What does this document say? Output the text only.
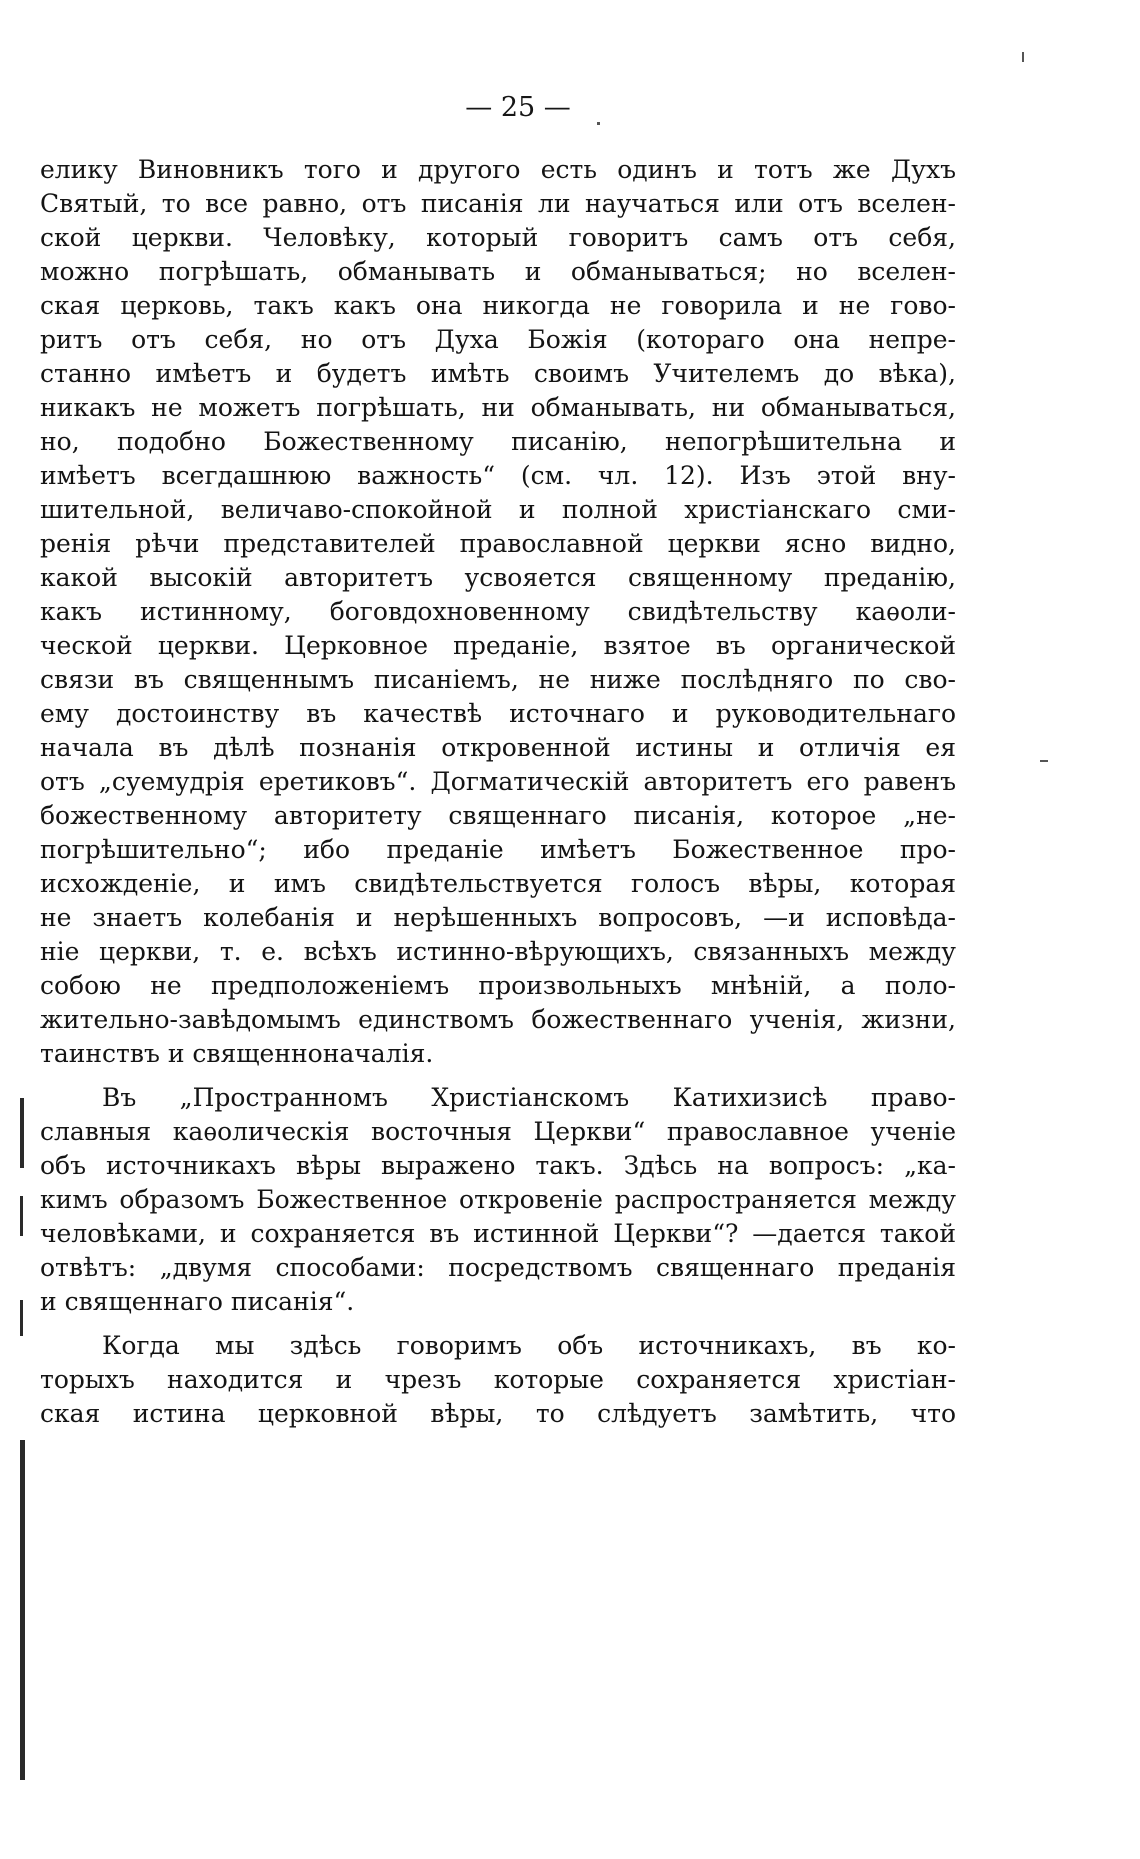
— 25 —
елику Виновникъ того и другого есть одинъ и тотъ же Духъ
Святый, то все равно, отъ писанія ли научаться или отъ вселен-
ской церкви. Человѣку, который говоритъ самъ отъ себя,
можно погрѣшать, обманывать и обманываться; но вселен-
ская церковь, такъ какъ она никогда не говорила и не гово-
ритъ отъ себя, но отъ Духа Божія (котораго она непре-
станно имѣетъ и будетъ имѣть своимъ Учителемъ до вѣка),
никакъ не можетъ погрѣшать, ни обманывать, ни обманываться,
но, подобно Божественному писанію, непогрѣшительна и
имѣетъ всегдашнюю важность“ (см. чл. 12). Изъ этой вну-
шительной, величаво-спокойной и полной христіанскаго сми-
ренія рѣчи представителей православной церкви ясно видно,
какой высокій авторитетъ усвояется священному преданію,
какъ истинному, боговдохновенному свидѣтельству каѳоли-
ческой церкви. Церковное преданіе, взятое въ органической
связи въ священнымъ писаніемъ, не ниже послѣдняго по сво-
ему достоинству въ качествѣ источнаго и руководительнаго
начала въ дѣлѣ познанія откровенной истины и отличія ея
отъ „суемудрія еретиковъ“. Догматическій авторитетъ его равенъ
божественному авторитету священнаго писанія, которое „не-
погрѣшительно“; ибо преданіе имѣетъ Божественное про-
исхожденіе, и имъ свидѣтельствуется голосъ вѣры, которая
не знаетъ колебанія и нерѣшенныхъ вопросовъ, —и исповѣда-
ніе церкви, т. е. всѣхъ истинно-вѣрующихъ, связанныхъ между
собою не предположеніемъ произвольныхъ мнѣній, а поло-
жительно-завѣдомымъ единствомъ божественнаго ученія, жизни,
таинствъ и священноначалія.
Въ „Пространномъ Христіанскомъ Катихизисѣ право-
славныя каѳолическія восточныя Церкви“ православное ученіе
объ источникахъ вѣры выражено такъ. Здѣсь на вопросъ: „ка-
кимъ образомъ Божественное откровеніе распространяется между
человѣками, и сохраняется въ истинной Церкви“? —дается такой
отвѣтъ: „двумя способами: посредствомъ священнаго преданія
и священнаго писанія“.
Когда мы здѣсь говоримъ объ источникахъ, въ ко-
торыхъ находится и чрезъ которые сохраняется христіан-
ская истина церковной вѣры, то слѣдуетъ замѣтить, что
